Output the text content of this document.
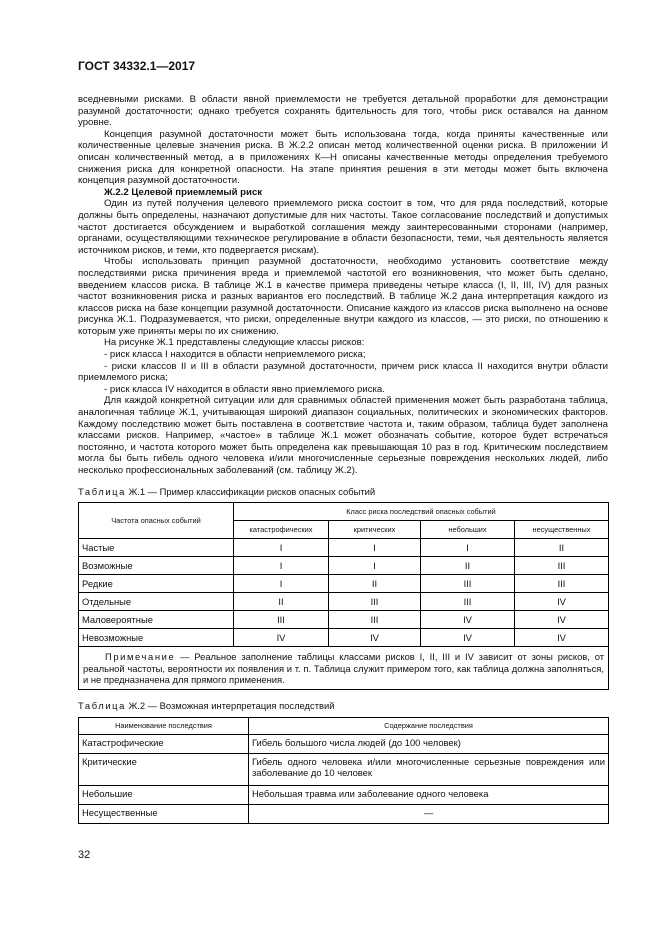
ГОСТ 34332.1—2017

вседневными рисками. В области явной приемлемости не требуется детальной проработки для демонстрации разумной достаточности; однако требуется сохранять бдительность для того, чтобы риск оставался на данном уровне.

Концепция разумной достаточности может быть использована тогда, когда приняты качественные или количественные целевые значения риска. В Ж.2.2 описан метод количественной оценки риска. В приложении И описан количественный метод, а в приложениях К—Н описаны качественные методы определения требуемого снижения риска для конкретной опасности. На этапе принятия решения в эти методы может быть включена концепция разумной достаточности.

Ж.2.2 Целевой приемлемый риск

Один из путей получения целевого приемлемого риска состоит в том, что для ряда последствий, которые должны быть определены, назначают допустимые для них частоты. Такое согласование последствий и допустимых частот достигается обсуждением и выработкой соглашения между заинтересованными сторонами (например, органами, осуществляющими техническое регулирование в области безопасности, теми, чья деятельность является источником рисков, и теми, кто подвергается рискам).

Чтобы использовать принцип разумной достаточности, необходимо установить соответствие между последствиями риска причинения вреда и приемлемой частотой его возникновения, что может быть сделано, введением классов риска. В таблице Ж.1 в качестве примера приведены четыре класса (I, II, III, IV) для разных частот возникновения риска и разных вариантов его последствий. В таблице Ж.2 дана интерпретация каждого из классов риска на базе концепции разумной достаточности. Описание каждого из классов риска выполнено на основе рисунка Ж.1. Подразумевается, что риски, определенные внутри каждого из классов, — это риски, по отношению к которым уже приняты меры по их снижению.

На рисунке Ж.1 представлены следующие классы рисков:

- риск класса I находится в области неприемлемого риска;

- риски классов II и III в области разумной достаточности, причем риск класса II находится внутри области приемлемого риска;

- риск класса IV находится в области явно приемлемого риска.

Для каждой конкретной ситуации или для сравнимых областей применения может быть разработана таблица, аналогичная таблице Ж.1, учитывающая широкий диапазон социальных, политических и экономических факторов. Каждому последствию может быть поставлена в соответствие частота и, таким образом, таблица будет заполнена классами рисков. Например, «частое» в таблице Ж.1 может обозначать событие, которое будет встречаться постоянно, и частота которого может быть определена как превышающая 10 раз в год. Критическим последствием могла бы быть гибель одного человека и/или многочисленные серьезные повреждения нескольких людей, либо несколько профессиональных заболеваний (см. таблицу Ж.2).

Таблица Ж.1 — Пример классификации рисков опасных событий
Частота опасных событий	Класс риска последствий опасных событий			
	катастрофических	критических	небольших	несущественных
Частые	I	I	I	II
Возможные	I	I	II	III
Редкие	I	II	III	III
Отдельные	II	III	III	IV
Маловероятные	III	III	IV	IV
Невозможные	IV	IV	IV	IV
Примечание — Реальное заполнение таблицы классами рисков I, II, III и IV зависит от зоны рисков, от реальной частоты, вероятности их появления и т. п. Таблица служит примером того, как таблица должна заполняться, и не предназначена для прямого применения.				
Таблица Ж.2 — Возможная интерпретация последствий
Наименование последствия	Содержание последствия
Катастрофические	Гибель большого числа людей (до 100 человек)
Критические	Гибель одного человека и/или многочисленные серьезные повреждения или заболевание до 10 человек
Небольшие	Небольшая травма или заболевание одного человека
Несущественные	—
32
